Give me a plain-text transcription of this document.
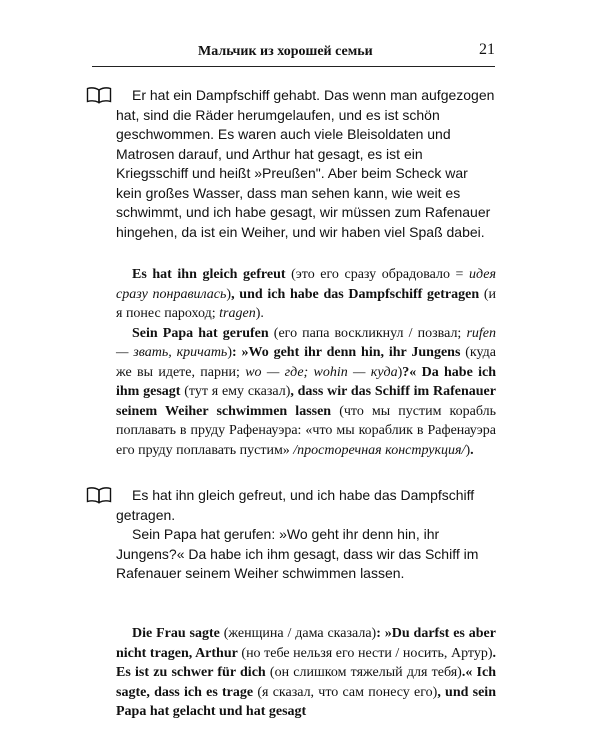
Мальчик из хорошей семьи	21

Er hat ein Dampfschiff gehabt. Das wenn man aufgezogen hat, sind die Räder herumgelaufen, und es ist schön geschwommen. Es waren auch viele Bleisoldaten und Matrosen darauf, und Arthur hat gesagt, es ist ein Kriegsschiff und heißt »Preußen". Aber beim Scheck war kein großes Wasser, dass man sehen kann, wie weit es schwimmt, und ich habe gesagt, wir müssen zum Rafenauer hingehen, da ist ein Weiher, und wir haben viel Spaß dabei.

Es hat ihn gleich gefreut (это его сразу обрадовало = идея сразу понравилась), und ich habe das Dampfschiff getragen (и я понес пароход; tragen).

Sein Papa hat gerufen (его папа воскликнул / позвал; rufen — звать, кричать): »Wo geht ihr denn hin, ihr Jungens (куда же вы идете, парни; wo — где; wohin — куда)?« Da habe ich ihm gesagt (тут я ему сказал), dass wir das Schiff im Rafenauer seinem Weiher schwimmen lassen (что мы пустим корабль поплавать в пруду Рафенауэра: «что мы кораблик в Рафенауэра его пруду поплавать пустим» /просторечная конструкция/).

Es hat ihn gleich gefreut, und ich habe das Dampfschiff getragen.

Sein Papa hat gerufen: »Wo geht ihr denn hin, ihr Jungens?« Da habe ich ihm gesagt, dass wir das Schiff im Rafenauer seinem Weiher schwimmen lassen.

Die Frau sagte (женщина / дама сказала): »Du darfst es aber nicht tragen, Arthur (но тебе нельзя его нести / носить, Артур). Es ist zu schwer für dich (он слишком тяжелый для тебя).« Ich sagte, dass ich es trage (я сказал, что сам понесу его), und sein Papa hat gelacht und hat gesagt
